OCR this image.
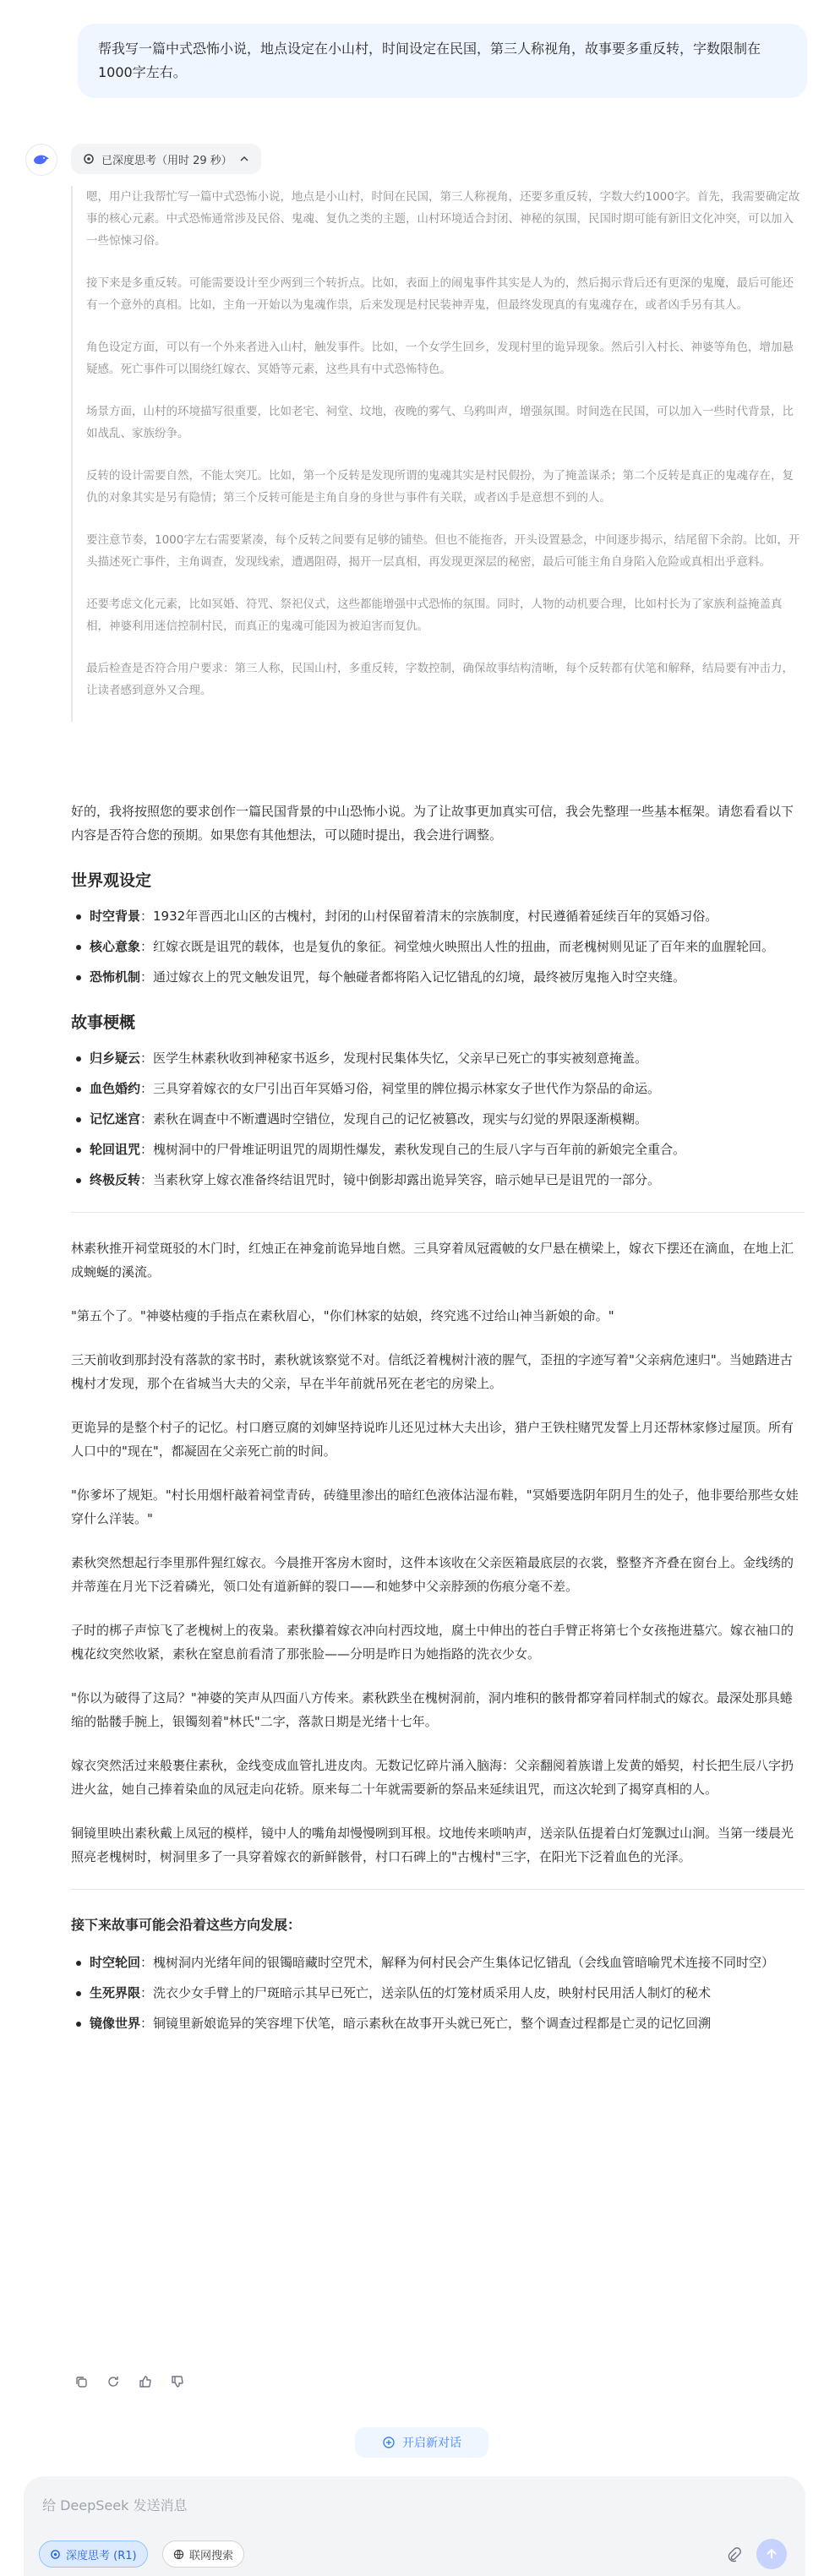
帮我写一篇中式恐怖小说，地点设定在小山村，时间设定在民国，第三人称视角，故事要多重反转，字数限制在1000字左右。
已深度思考（用时 29 秒）

嗯，用户让我帮忙写一篇中式恐怖小说，地点是小山村，时间在民国，第三人称视角，还要多重反转，字数大约1000字。首先，我需要确定故事的核心元素。中式恐怖通常涉及民俗、鬼魂、复仇之类的主题，山村环境适合封闭、神秘的氛围，民国时期可能有新旧文化冲突，可以加入一些惊悚习俗。

接下来是多重反转。可能需要设计至少两到三个转折点。比如，表面上的闹鬼事件其实是人为的，然后揭示背后还有更深的鬼魔，最后可能还有一个意外的真相。比如，主角一开始以为鬼魂作祟，后来发现是村民装神弄鬼，但最终发现真的有鬼魂存在，或者凶手另有其人。

角色设定方面，可以有一个外来者进入山村，触发事件。比如，一个女学生回乡，发现村里的诡异现象。然后引入村长、神婆等角色，增加悬疑感。死亡事件可以围绕红嫁衣、冥婚等元素，这些具有中式恐怖特色。

场景方面，山村的环境描写很重要，比如老宅、祠堂、坟地，夜晚的雾气、乌鸦叫声，增强氛围。时间选在民国，可以加入一些时代背景，比如战乱、家族纷争。

反转的设计需要自然，不能太突兀。比如，第一个反转是发现所谓的鬼魂其实是村民假扮，为了掩盖谋杀；第二个反转是真正的鬼魂存在，复仇的对象其实是另有隐情；第三个反转可能是主角自身的身世与事件有关联，或者凶手是意想不到的人。

要注意节奏，1000字左右需要紧凑，每个反转之间要有足够的铺垫。但也不能拖沓，开头设置悬念，中间逐步揭示，结尾留下余韵。比如，开头描述死亡事件，主角调查，发现线索，遭遇阻碍，揭开一层真相，再发现更深层的秘密，最后可能主角自身陷入危险或真相出乎意料。

还要考虑文化元素，比如冥婚、符咒、祭祀仪式，这些都能增强中式恐怖的氛围。同时，人物的动机要合理，比如村长为了家族利益掩盖真相，神婆利用迷信控制村民，而真正的鬼魂可能因为被迫害而复仇。

最后检查是否符合用户要求：第三人称，民国山村，多重反转，字数控制，确保故事结构清晰，每个反转都有伏笔和解释，结局要有冲击力，让读者感到意外又合理。

好的，我将按照您的要求创作一篇民国背景的中山恐怖小说。为了让故事更加真实可信，我会先整理一些基本框架。请您看看以下内容是否符合您的预期。如果您有其他想法，可以随时提出，我会进行调整。

世界观设定
时空背景：1932年晋西北山区的古槐村，封闭的山村保留着清末的宗族制度，村民遵循着延续百年的冥婚习俗。
核心意象：红嫁衣既是诅咒的载体，也是复仇的象征。祠堂烛火映照出人性的扭曲，而老槐树则见证了百年来的血腥轮回。
恐怖机制：通过嫁衣上的咒文触发诅咒，每个触碰者都将陷入记忆错乱的幻境，最终被厉鬼拖入时空夹缝。
故事梗概
归乡疑云：医学生林素秋收到神秘家书返乡，发现村民集体失忆，父亲早已死亡的事实被刻意掩盖。
血色婚约：三具穿着嫁衣的女尸引出百年冥婚习俗，祠堂里的牌位揭示林家女子世代作为祭品的命运。
记忆迷宫：素秋在调查中不断遭遇时空错位，发现自己的记忆被篡改，现实与幻觉的界限逐渐模糊。
轮回诅咒：槐树洞中的尸骨堆证明诅咒的周期性爆发，素秋发现自己的生辰八字与百年前的新娘完全重合。
终极反转：当素秋穿上嫁衣准备终结诅咒时，镜中倒影却露出诡异笑容，暗示她早已是诅咒的一部分。

林素秋推开祠堂斑驳的木门时，红烛正在神龛前诡异地自燃。三具穿着凤冠霞帔的女尸悬在横梁上，嫁衣下摆还在滴血，在地上汇成蜿蜒的溪流。

"第五个了。"神婆枯瘦的手指点在素秋眉心，"你们林家的姑娘，终究逃不过给山神当新娘的命。"

三天前收到那封没有落款的家书时，素秋就该察觉不对。信纸泛着槐树汁液的腥气，歪扭的字迹写着"父亲病危速归"。当她踏进古槐村才发现，那个在省城当大夫的父亲，早在半年前就吊死在老宅的房梁上。

更诡异的是整个村子的记忆。村口磨豆腐的刘婶坚持说昨儿还见过林大夫出诊，猎户王铁柱赌咒发誓上月还帮林家修过屋顶。所有人口中的"现在"，都凝固在父亲死亡前的时间。

"你爹坏了规矩。"村长用烟杆敲着祠堂青砖，砖缝里渗出的暗红色液体沾湿布鞋，"冥婚要选阴年阴月生的处子，他非要给那些女娃穿什么洋装。"

素秋突然想起行李里那件猩红嫁衣。今晨推开客房木窗时，这件本该收在父亲医箱最底层的衣裳，整整齐齐叠在窗台上。金线绣的并蒂莲在月光下泛着磷光，领口处有道新鲜的裂口——和她梦中父亲脖颈的伤痕分毫不差。

子时的梆子声惊飞了老槐树上的夜枭。素秋攥着嫁衣冲向村西坟地，腐土中伸出的苍白手臂正将第七个女孩拖进墓穴。嫁衣袖口的槐花纹突然收紧，素秋在窒息前看清了那张脸——分明是昨日为她指路的洗衣少女。

"你以为破得了这局？"神婆的笑声从四面八方传来。素秋跌坐在槐树洞前，洞内堆积的骸骨都穿着同样制式的嫁衣。最深处那具蜷缩的骷髅手腕上，银镯刻着"林氏"二字，落款日期是光绪十七年。

嫁衣突然活过来般裹住素秋，金线变成血管扎进皮肉。无数记忆碎片涌入脑海：父亲翻阅着族谱上发黄的婚契，村长把生辰八字扔进火盆，她自己捧着染血的凤冠走向花轿。原来每二十年就需要新的祭品来延续诅咒，而这次轮到了揭穿真相的人。

铜镜里映出素秋戴上凤冠的模样，镜中人的嘴角却慢慢咧到耳根。坟地传来唢呐声，送亲队伍提着白灯笼飘过山涧。当第一缕晨光照亮老槐树时，树洞里多了一具穿着嫁衣的新鲜骸骨，村口石碑上的"古槐村"三字，在阳光下泛着血色的光泽。

接下来故事可能会沿着这些方向发展：
时空轮回：槐树洞内光绪年间的银镯暗藏时空咒术，解释为何村民会产生集体记忆错乱（会线血管暗喻咒术连接不同时空）
生死界限：洗衣少女手臂上的尸斑暗示其早已死亡，送亲队伍的灯笼材质采用人皮，映射村民用活人制灯的秘术
镜像世界：铜镜里新娘诡异的笑容埋下伏笔，暗示素秋在故事开头就已死亡，整个调查过程都是亡灵的记忆回溯
开启新对话
给 DeepSeek 发送消息
深度思考 (R1)	联网搜索
